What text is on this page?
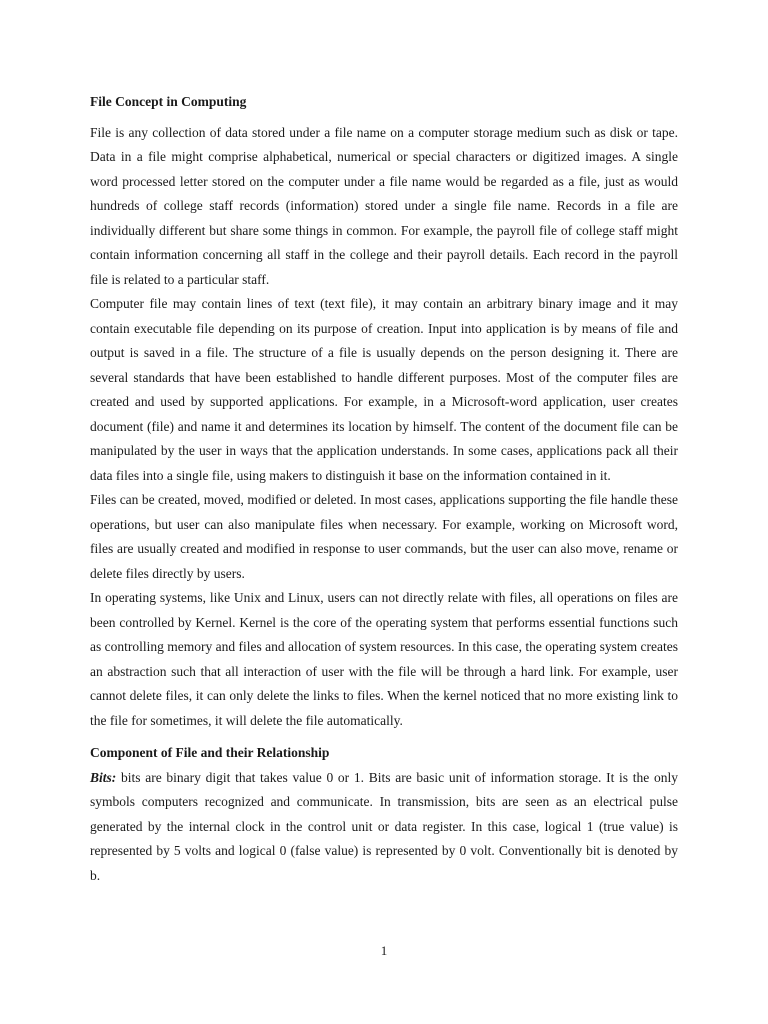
File Concept in Computing

File is any collection of data stored under a file name on a computer storage medium such as disk or tape. Data in a file might comprise alphabetical, numerical or special characters or digitized images. A single word processed letter stored on the computer under a file name would be regarded as a file, just as would hundreds of college staff records (information) stored under a single file name. Records in a file are individually different but share some things in common. For example, the payroll file of college staff might contain information concerning all staff in the college and their payroll details. Each record in the payroll file is related to a particular staff.

Computer file may contain lines of text (text file), it may contain an arbitrary binary image and it may contain executable file depending on its purpose of creation. Input into application is by means of file and output is saved in a file. The structure of a file is usually depends on the person designing it. There are several standards that have been established to handle different purposes. Most of the computer files are created and used by supported applications. For example, in a Microsoft-word application, user creates document (file) and name it and determines its location by himself. The content of the document file can be manipulated by the user in ways that the application understands. In some cases, applications pack all their data files into a single file, using makers to distinguish it base on the information contained in it.

Files can be created, moved, modified or deleted. In most cases, applications supporting the file handle these operations, but user can also manipulate files when necessary. For example, working on Microsoft word, files are usually created and modified in response to user commands, but the user can also move, rename or delete files directly by users.

In operating systems, like Unix and Linux, users can not directly relate with files, all operations on files are been controlled by Kernel. Kernel is the core of the operating system that performs essential functions such as controlling memory and files and allocation of system resources. In this case, the operating system creates an abstraction such that all interaction of user with the file will be through a hard link. For example, user cannot delete files, it can only delete the links to files. When the kernel noticed that no more existing link to the file for sometimes, it will delete the file automatically.

Component of File and their Relationship

Bits: bits are binary digit that takes value 0 or 1. Bits are basic unit of information storage. It is the only symbols computers recognized and communicate. In transmission, bits are seen as an electrical pulse generated by the internal clock in the control unit or data register. In this case, logical 1 (true value) is represented by 5 volts and logical 0 (false value) is represented by 0 volt. Conventionally bit is denoted by b.

1
